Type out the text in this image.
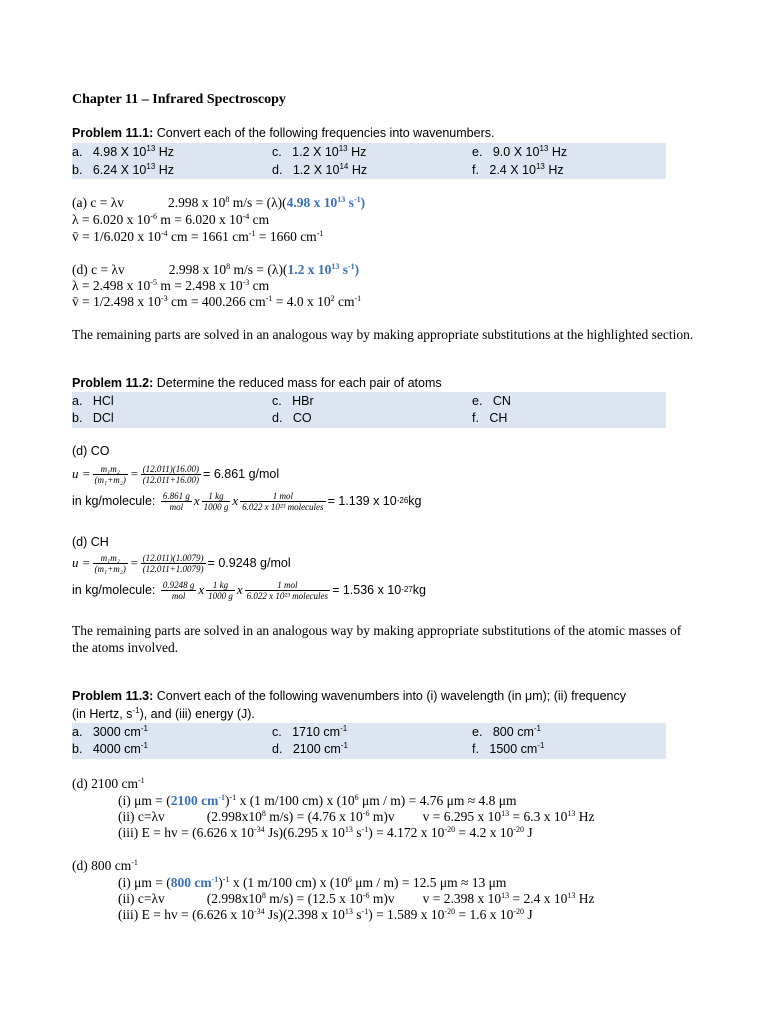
Chapter 11 – Infrared Spectroscopy
Problem 11.1: Convert each of the following frequencies into wavenumbers.
a. 4.98 X $10^{13}$ Hz	c. 1.2 X $10^{13}$ Hz	e. 9.0 X $10^{13}$ Hz
b. 6.24 X $10^{13}$ Hz	d. 1.2 X $10^{14}$ Hz	f. 2.4 X $10^{13}$ Hz
(a) c = λv	2.998 x $10^8$ m/s = (λ)(4.98 x $10^{13}$ $s^{-1}$)
λ = 6.020 x $10^{-6}$ m = 6.020 x $10^{-4}$ cm
v̄ = 1/6.020 x $10^{-4}$ cm = 1661 $cm^{-1} = 1660$ $cm^{-1}$
(d) c = λv	2.998 x $10^8$ m/s = (λ)(1.2 x $10^{13}$ $s^{-1}$)
λ = 2.498 x $10^{-5}$ m = 2.498 x $10^{-3}$ cm
v̄ = 1/2.498 x $10^{-3}$ cm = 400.266 $cm^{-1} = 4.0$ x $10^2$ $cm^{-1}$
The remaining parts are solved in an analogous way by making appropriate substitutions at the highlighted section.
Problem 11.2: Determine the reduced mass for each pair of atoms
a. HCl	c. HBr	e. CN
b. DCl	d. CO	f. CH
(d) CO
$u = \frac{\text{m₁m₂}}{\text{(m₁+m₂)}} = \frac{(12.011)(16.00)}{(12.011+16.00)} = 6.861$ g/mol
in kg/molecule:
$\frac{6.861 g}{\text{mol}}$ x $\frac{1 kg}{1000 g}$ x $\frac{\text{1 mol}}{\text{6.022 x 10²³ molecules}} = 1.139$ x 10 -26 kg
(d) CH
$u = \frac{\text{m₁m₂}}{\text{(m₁+m₂)}} = \frac{(12.011)(1.0079)}{(12.011+1.0079)} = 0.9248$ g/mol
in kg/molecule:
$\frac{0.9248 g}{\text{mol}}$ x $\frac{1 kg}{1000 g}$ x $\frac{\text{1 mol}}{\text{6.022 x 10²³ molecules}} = 1.536$ x 10 -27 kg
The remaining parts are solved in an analogous way by making appropriate substitutions of the atomic masses of the atoms involved.
Problem 11.3: Convert each of the following wavenumbers into (i) wavelength (in μm); (ii) frequency
(in Hertz, $s^{-1}$), and (iii) energy (J).
a. 3000 $cm^{-1}$	c. 1710 $cm^{-1}$	e. 800 $cm^{-1}$
b. 4000 $cm^{-1}$	d. 2100 $cm^{-1}$	f. 1500 $cm^{-1}$
(d) 2100 $cm^{-1}$
(i) μm = (2100 $cm^{-1})^{-1}$ x (1 m/100 cm) x ($10^6$ μm / m) = 4.76 μm ≈ 4.8 μm
(ii) c=λv	($2.998x10^8$ m/s) = (4.76 x $10^{-6}$ m)v v = 6.295 x $10^{13} = 6.3$ x $10^{13}$ Hz
(iii) E = hv = (6.626 x $10^{-34}$ Js)(6.295 x $10^{13}$ $s^{-1}) = 4.172$ x $10^{-20} = 4.2$ x $10^{-20}$ J
(d) 800 $cm^{-1}$
(i) μm = (800 $cm^{-1})^{-1}$ x (1 m/100 cm) x ($10^6$ μm / m) = 12.5 μm ≈ 13 μm
(ii) c=λv	($2.998x10^8$ m/s) = (12.5 x $10^{-6}$ m)v v = 2.398 x $10^{13} = 2.4$ x $10^{13}$ Hz
(iii) E = hv = (6.626 x $10^{-34}$ Js)(2.398 x $10^{13}$ $s^{-1}) = 1.589$ x $10^{-20} = 1.6$ x $10^{-20}$ J
